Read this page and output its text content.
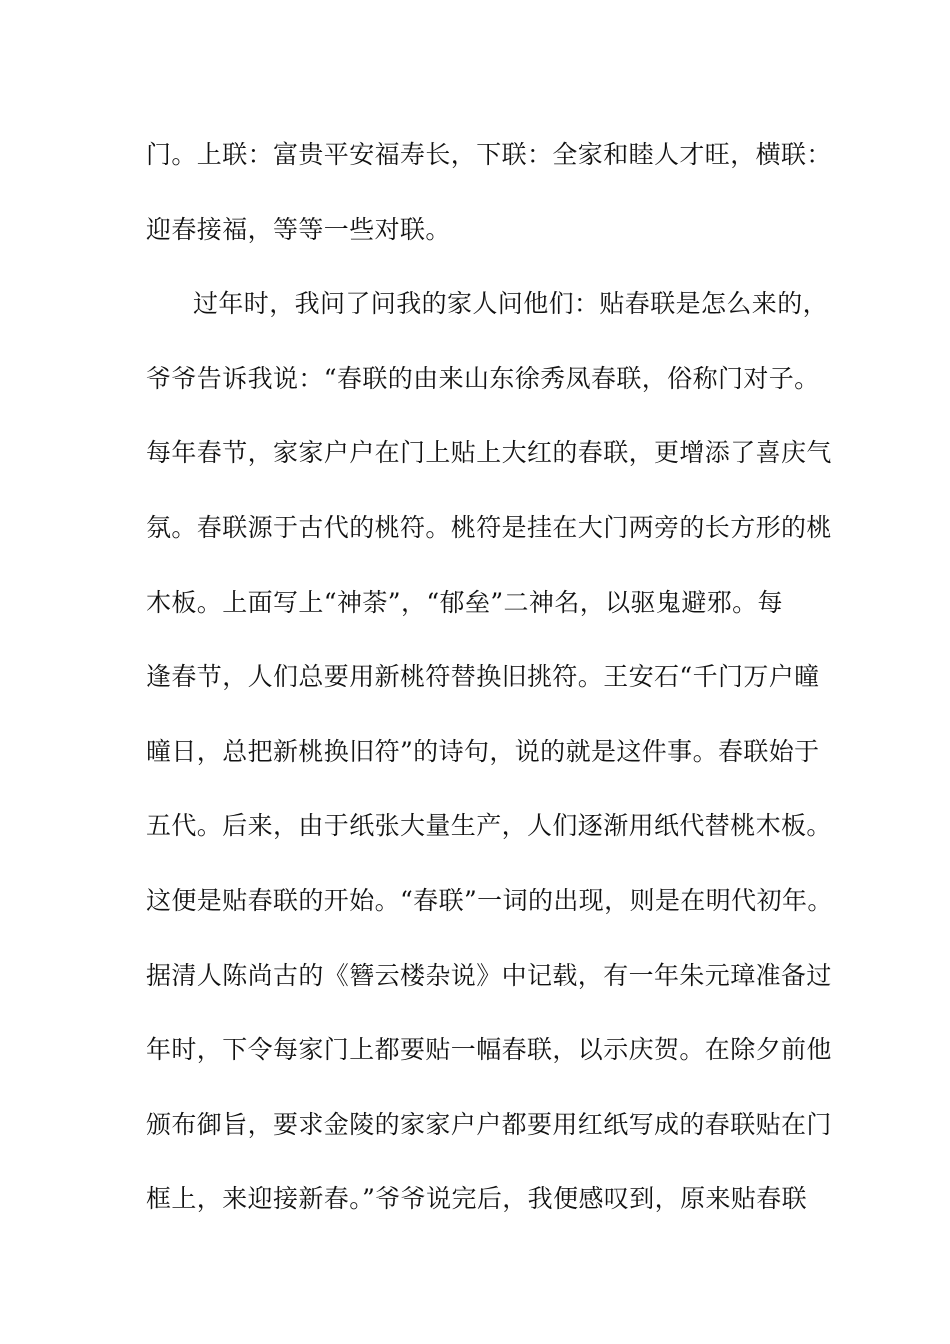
门。上联：富贵平安福寿长，下联：全家和睦人才旺，横联：
迎春接福，等等一些对联。
过年时，我问了问我的家人问他们：贴春联是怎么来的，
爷爷告诉我说：“春联的由来山东徐秀凤春联，俗称门对子。
每年春节，家家户户在门上贴上大红的春联，更增添了喜庆气
氛。春联源于古代的桃符。桃符是挂在大门两旁的长方形的桃
木板。上面写上“神荼”，“郁垒”二神名，以驱鬼避邪。每
逢春节，人们总要用新桃符替换旧挑符。王安石“千门万户曈
曈日，总把新桃换旧符”的诗句，说的就是这件事。春联始于
五代。后来，由于纸张大量生产，人们逐渐用纸代替桃木板。
这便是贴春联的开始。“春联”一词的出现，则是在明代初年。
据清人陈尚古的《簪云楼杂说》中记载，有一年朱元璋准备过
年时，下令每家门上都要贴一幅春联，以示庆贺。在除夕前他
颁布御旨，要求金陵的家家户户都要用红纸写成的春联贴在门
框上，来迎接新春。”爷爷说完后，我便感叹到，原来贴春联
